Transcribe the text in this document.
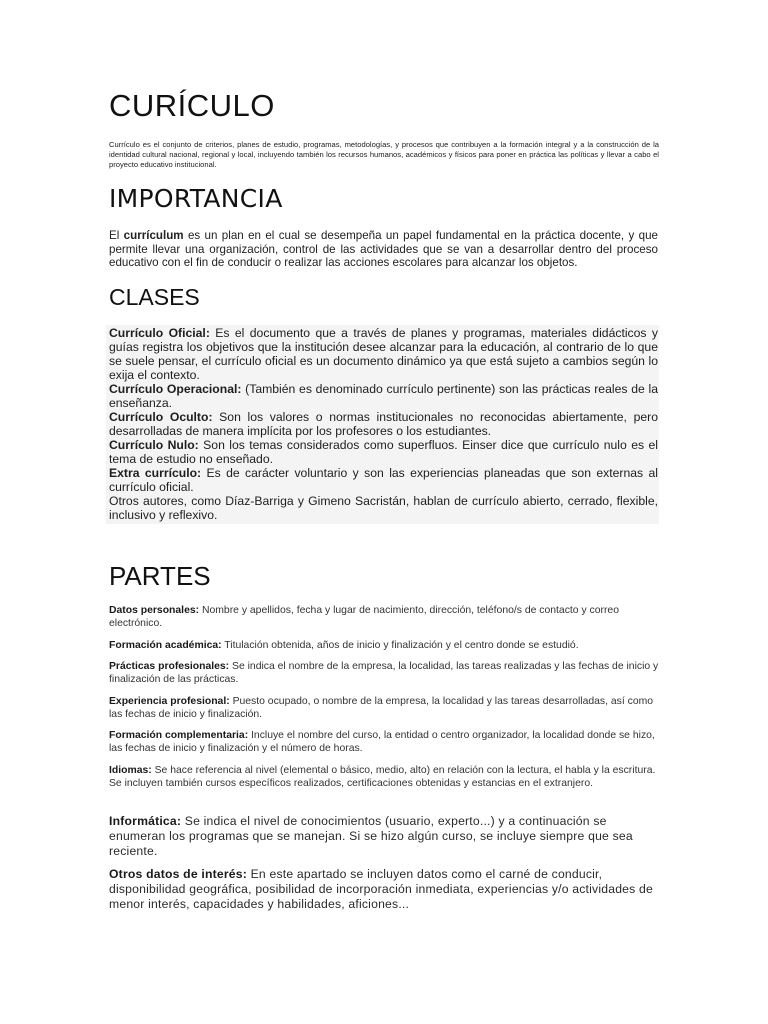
CURÍCULO

Currículo es el conjunto de criterios, planes de estudio, programas, metodologías, y procesos que contribuyen a la formación integral y a la construcción de la identidad cultural nacional, regional y local, incluyendo también los recursos humanos, académicos y físicos para poner en práctica las políticas y llevar a cabo el proyecto educativo institucional.

IMPORTANCIA

El currículum es un plan en el cual se desempeña un papel fundamental en la práctica docente, y que permite llevar una organización, control de las actividades que se van a desarrollar dentro del proceso educativo con el fin de conducir o realizar las acciones escolares para alcanzar los objetos.

CLASES

Currículo Oficial: Es el documento que a través de planes y programas, materiales didácticos y guías registra los objetivos que la institución desee alcanzar para la educación, al contrario de lo que se suele pensar, el currículo oficial es un documento dinámico ya que está sujeto a cambios según lo exija el contexto.

Currículo Operacional: (También es denominado currículo pertinente) son las prácticas reales de la enseñanza.

Currículo Oculto: Son los valores o normas institucionales no reconocidas abiertamente, pero desarrolladas de manera implícita por los profesores o los estudiantes.

Currículo Nulo: Son los temas considerados como superfluos. Einser dice que currículo nulo es el tema de estudio no enseñado.

Extra currículo: Es de carácter voluntario y son las experiencias planeadas que son externas al currículo oficial.

Otros autores, como Díaz-Barriga y Gimeno Sacristán, hablan de currículo abierto, cerrado, flexible, inclusivo y reflexivo.

PARTES

Datos personales: Nombre y apellidos, fecha y lugar de nacimiento, dirección, teléfono/s de contacto y correo electrónico.

Formación académica: Titulación obtenida, años de inicio y finalización y el centro donde se estudió.

Prácticas profesionales: Se indica el nombre de la empresa, la localidad, las tareas realizadas y las fechas de inicio y finalización de las prácticas.

Experiencia profesional: Puesto ocupado, o nombre de la empresa, la localidad y las tareas desarrolladas, así como las fechas de inicio y finalización.

Formación complementaria: Incluye el nombre del curso, la entidad o centro organizador, la localidad donde se hizo, las fechas de inicio y finalización y el número de horas.

Idiomas: Se hace referencia al nivel (elemental o básico, medio, alto) en relación con la lectura, el habla y la escritura. Se incluyen también cursos específicos realizados, certificaciones obtenidas y estancias en el extranjero.

Informática: Se indica el nivel de conocimientos (usuario, experto...) y a continuación se enumeran los programas que se manejan. Si se hizo algún curso, se incluye siempre que sea reciente.

Otros datos de interés: En este apartado se incluyen datos como el carné de conducir, disponibilidad geográfica, posibilidad de incorporación inmediata, experiencias y/o actividades de menor interés, capacidades y habilidades, aficiones...
